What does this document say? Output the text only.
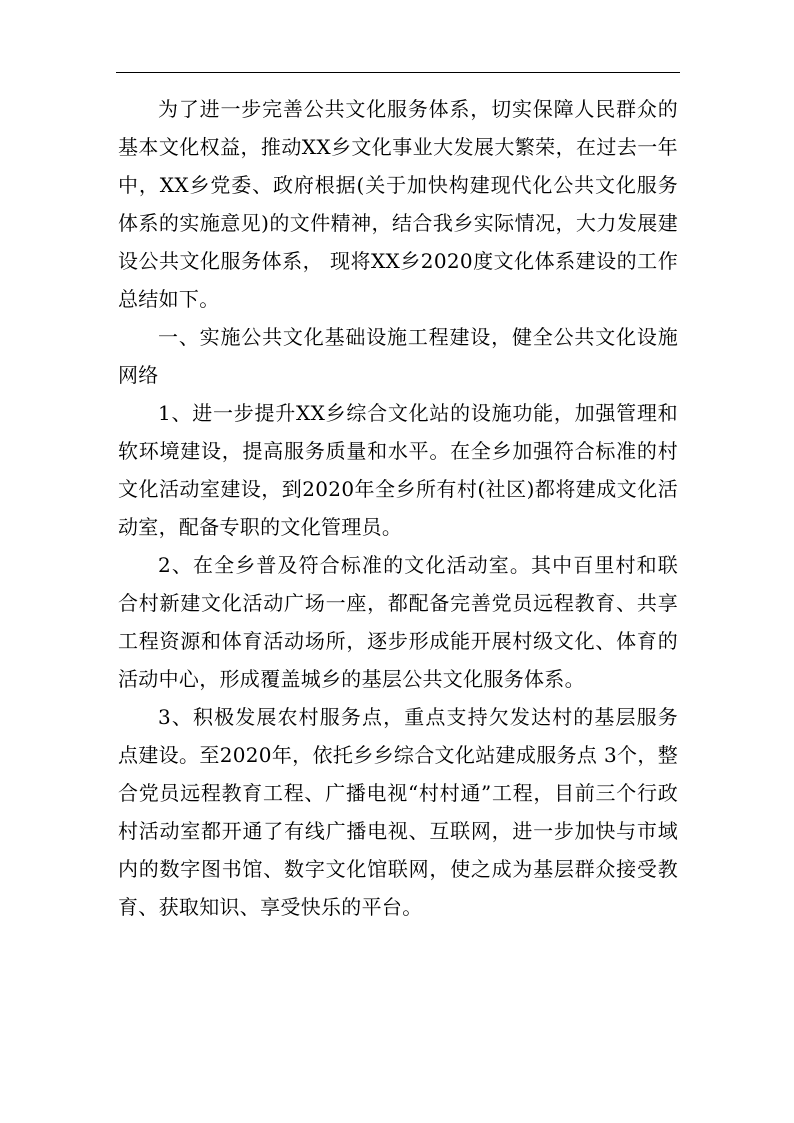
为了进一步完善公共文化服务体系，切实保障人民群众的基本文化权益，推动XX乡文化事业大发展大繁荣，在过去一年中，XX乡党委、政府根据(关于加快构建现代化公共文化服务体系的实施意见)的文件精神，结合我乡实际情况，大力发展建设公共文化服务体系， 现将XX乡2020度文化体系建设的工作总结如下。

一、实施公共文化基础设施工程建设，健全公共文化设施网络

1、进一步提升XX乡综合文化站的设施功能，加强管理和软环境建设，提高服务质量和水平。在全乡加强符合标准的村文化活动室建设，到2020年全乡所有村(社区)都将建成文化活动室，配备专职的文化管理员。

2、在全乡普及符合标准的文化活动室。其中百里村和联合村新建文化活动广场一座，都配备完善党员远程教育、共享工程资源和体育活动场所，逐步形成能开展村级文化、体育的活动中心，形成覆盖城乡的基层公共文化服务体系。

3、积极发展农村服务点，重点支持欠发达村的基层服务点建设。至2020年，依托乡乡综合文化站建成服务点 3个，整合党员远程教育工程、广播电视“村村通”工程，目前三个行政村活动室都开通了有线广播电视、互联网，进一步加快与市域内的数字图书馆、数字文化馆联网，使之成为基层群众接受教育、获取知识、享受快乐的平台。
